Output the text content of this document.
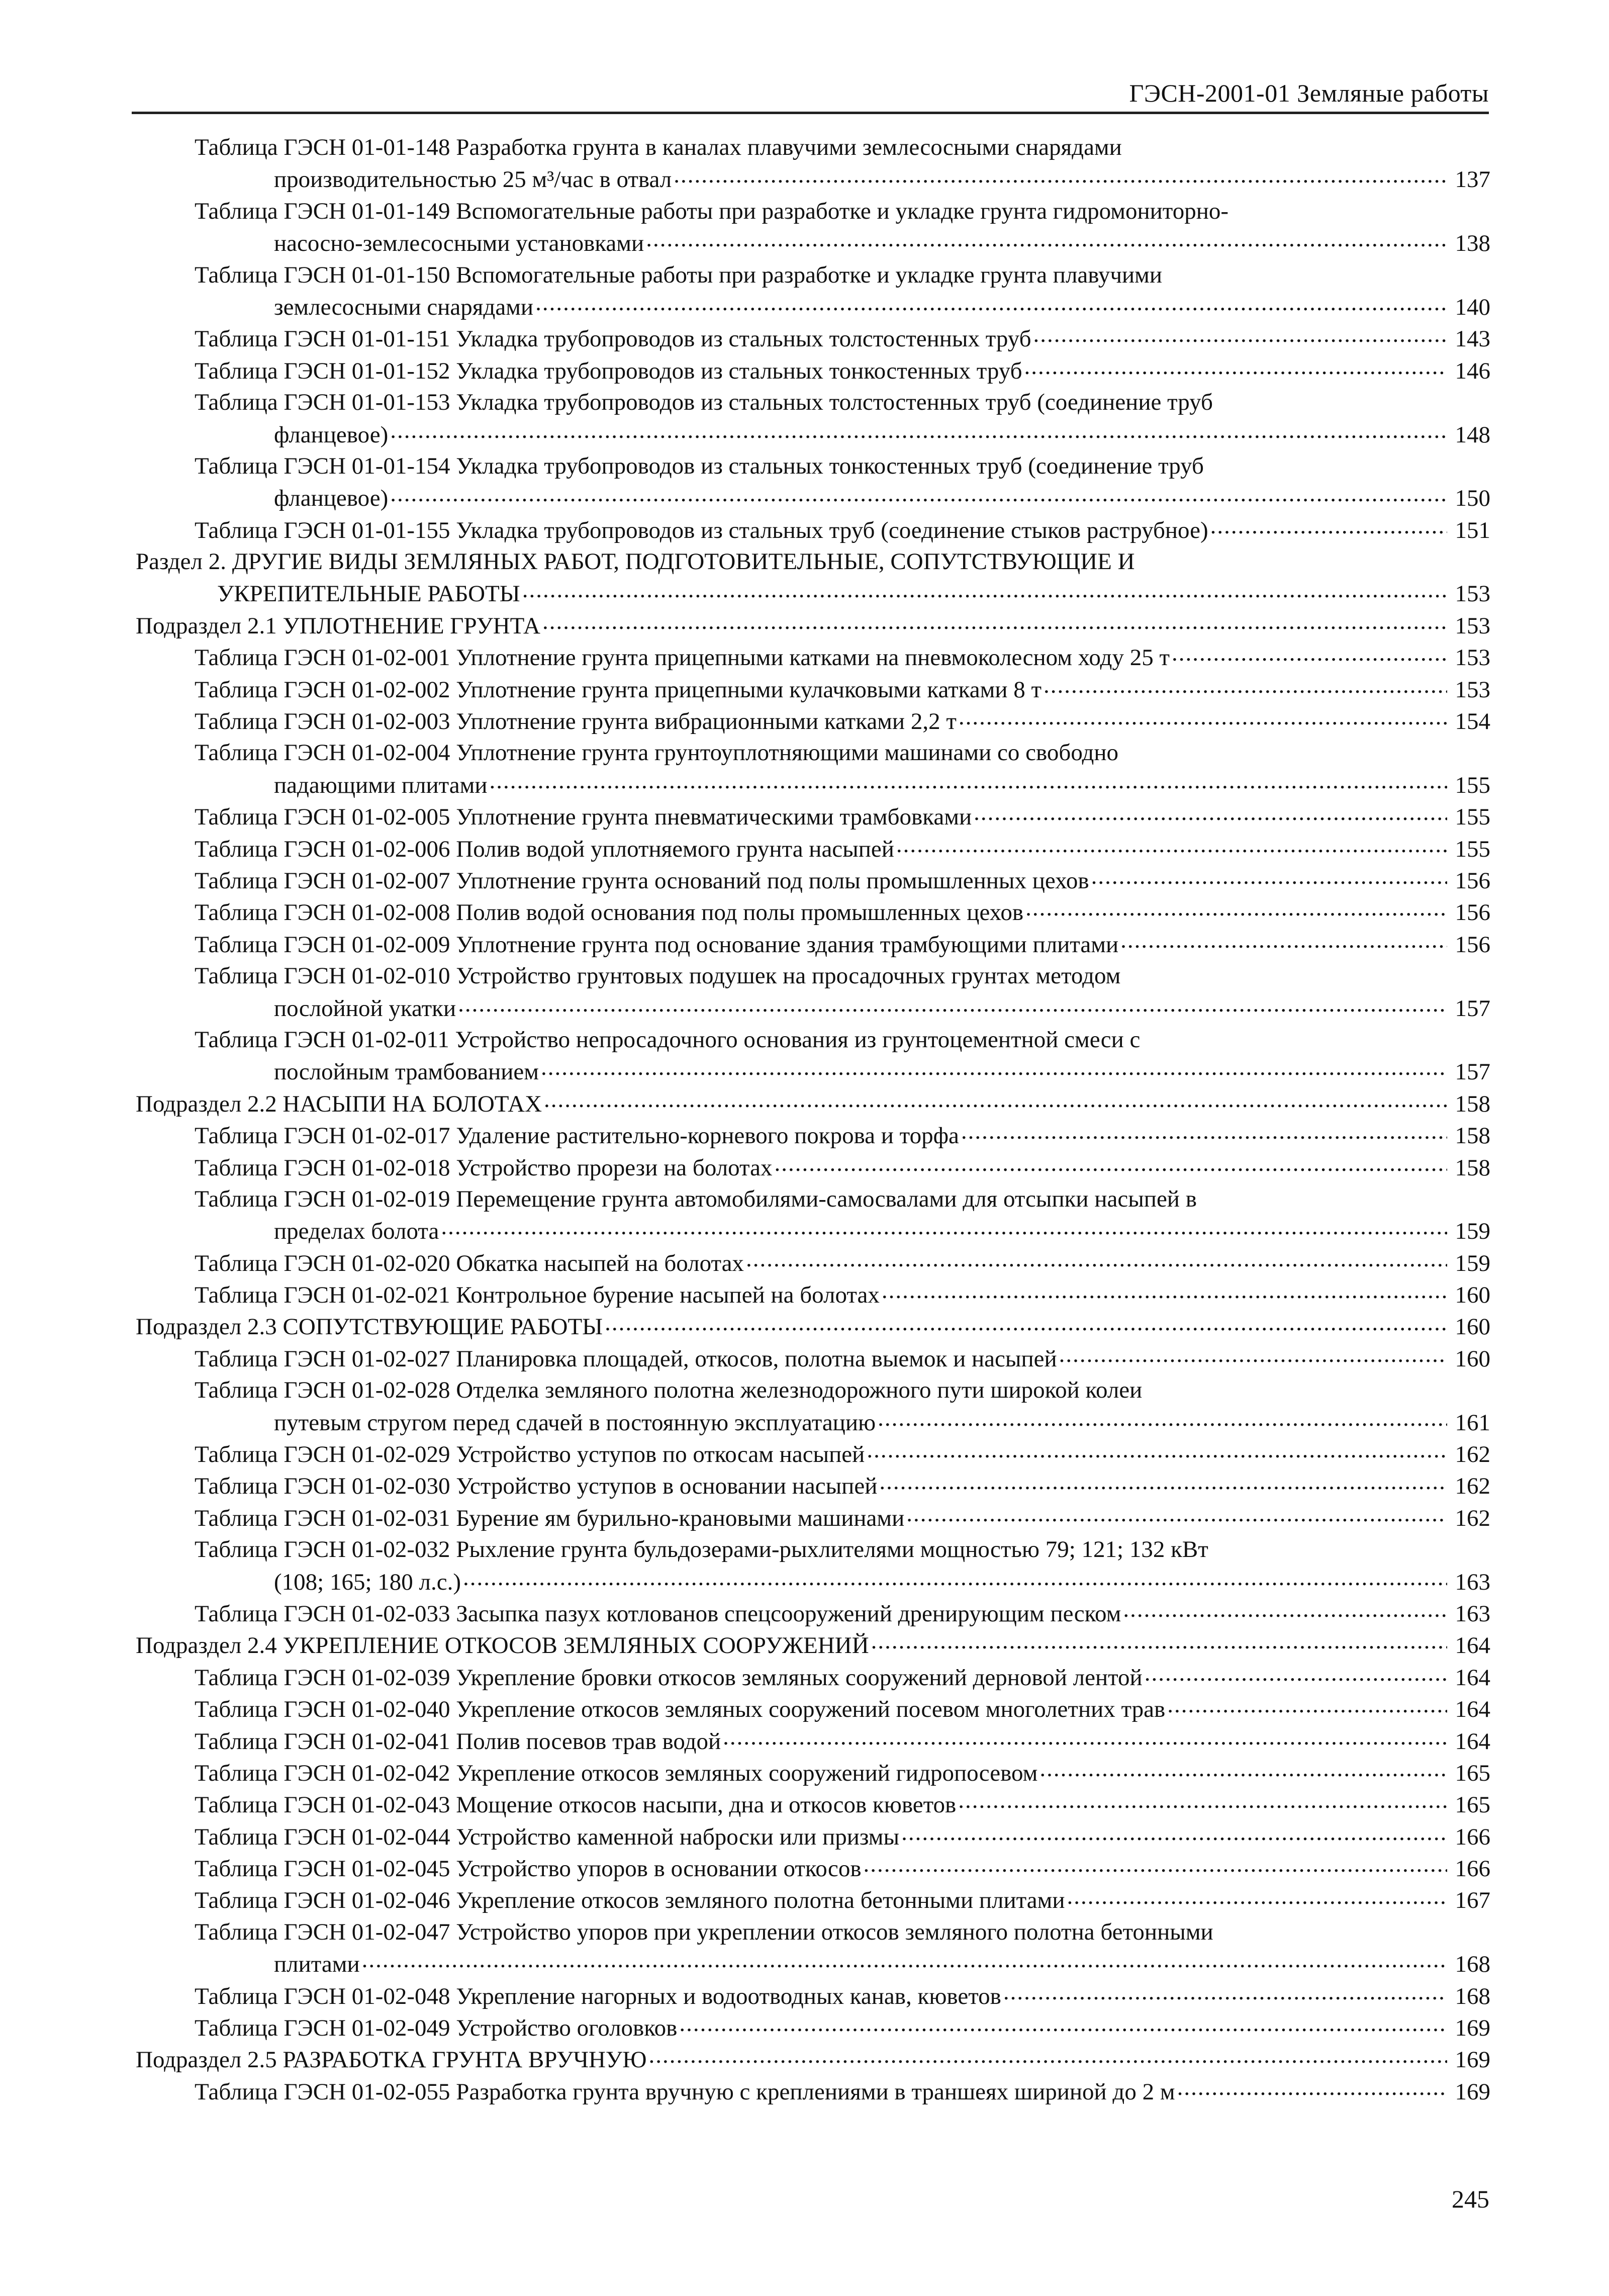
ГЭСН-2001-01 Земляные работы
Таблица ГЭСН 01-01-148 Разработка грунта в каналах плавучими землесосными снарядами
производительностью 25 м³/час в отвал .....	137
Таблица ГЭСН 01-01-149 Вспомогательные работы при разработке и укладке грунта гидромониторно-
насосно-землесосными установками .....	138
Таблица ГЭСН 01-01-150 Вспомогательные работы при разработке и укладке грунта плавучими
землесосными снарядами .....	140
Таблица ГЭСН 01-01-151 Укладка трубопроводов из стальных толстостенных труб .....	143
Таблица ГЭСН 01-01-152 Укладка трубопроводов из стальных тонкостенных труб .....	146
Таблица ГЭСН 01-01-153 Укладка трубопроводов из стальных толстостенных труб (соединение труб
фланцевое) .....	148
Таблица ГЭСН 01-01-154 Укладка трубопроводов из стальных тонкостенных труб (соединение труб
фланцевое) .....	150
Таблица ГЭСН 01-01-155 Укладка трубопроводов из стальных труб (соединение стыков раструбное) .....	151
Раздел 2. ДРУГИЕ ВИДЫ ЗЕМЛЯНЫХ РАБОТ, ПОДГОТОВИТЕЛЬНЫЕ, СОПУТСТВУЮЩИЕ И
УКРЕПИТЕЛЬНЫЕ РАБОТЫ .....	153
Подраздел 2.1 УПЛОТНЕНИЕ ГРУНТА .....	153
Таблица ГЭСН 01-02-001 Уплотнение грунта прицепными катками на пневмоколесном ходу 25 т .....	153
Таблица ГЭСН 01-02-002 Уплотнение грунта прицепными кулачковыми катками 8 т .....	153
Таблица ГЭСН 01-02-003 Уплотнение грунта вибрационными катками 2,2 т .....	154
Таблица ГЭСН 01-02-004 Уплотнение грунта грунтоуплотняющими машинами со свободно
падающими плитами .....	155
Таблица ГЭСН 01-02-005 Уплотнение грунта пневматическими трамбовками .....	155
Таблица ГЭСН 01-02-006 Полив водой уплотняемого грунта насыпей .....	155
Таблица ГЭСН 01-02-007 Уплотнение грунта оснований под полы промышленных цехов .....	156
Таблица ГЭСН 01-02-008 Полив водой основания под полы промышленных цехов .....	156
Таблица ГЭСН 01-02-009 Уплотнение грунта под основание здания трамбующими плитами .....	156
Таблица ГЭСН 01-02-010 Устройство грунтовых подушек на просадочных грунтах методом
послойной укатки .....	157
Таблица ГЭСН 01-02-011 Устройство непросадочного основания из грунтоцементной смеси с
послойным трамбованием .....	157
Подраздел 2.2 НАСЫПИ НА БОЛОТАХ .....	158
Таблица ГЭСН 01-02-017 Удаление растительно-корневого покрова и торфа .....	158
Таблица ГЭСН 01-02-018 Устройство прорези на болотах .....	158
Таблица ГЭСН 01-02-019 Перемещение грунта автомобилями-самосвалами для отсыпки насыпей в
пределах болота .....	159
Таблица ГЭСН 01-02-020 Обкатка насыпей на болотах .....	159
Таблица ГЭСН 01-02-021 Контрольное бурение насыпей на болотах .....	160
Подраздел 2.3 СОПУТСТВУЮЩИЕ РАБОТЫ .....	160
Таблица ГЭСН 01-02-027 Планировка площадей, откосов, полотна выемок и насыпей .....	160
Таблица ГЭСН 01-02-028 Отделка земляного полотна железнодорожного пути широкой колеи
путевым стругом перед сдачей в постоянную эксплуатацию .....	161
Таблица ГЭСН 01-02-029 Устройство уступов по откосам насыпей .....	162
Таблица ГЭСН 01-02-030 Устройство уступов в основании насыпей .....	162
Таблица ГЭСН 01-02-031 Бурение ям бурильно-крановыми машинами .....	162
Таблица ГЭСН 01-02-032 Рыхление грунта бульдозерами-рыхлителями мощностью 79; 121; 132 кВт
(108; 165; 180 л.с.) .....	163
Таблица ГЭСН 01-02-033 Засыпка пазух котлованов спецсооружений дренирующим песком .....	163
Подраздел 2.4 УКРЕПЛЕНИЕ ОТКОСОВ ЗЕМЛЯНЫХ СООРУЖЕНИЙ .....	164
Таблица ГЭСН 01-02-039 Укрепление бровки откосов земляных сооружений дерновой лентой .....	164
Таблица ГЭСН 01-02-040 Укрепление откосов земляных сооружений посевом многолетних трав .....	164
Таблица ГЭСН 01-02-041 Полив посевов трав водой .....	164
Таблица ГЭСН 01-02-042 Укрепление откосов земляных сооружений гидропосевом .....	165
Таблица ГЭСН 01-02-043 Мощение откосов насыпи, дна и откосов кюветов .....	165
Таблица ГЭСН 01-02-044 Устройство каменной наброски или призмы .....	166
Таблица ГЭСН 01-02-045 Устройство упоров в основании откосов .....	166
Таблица ГЭСН 01-02-046 Укрепление откосов земляного полотна бетонными плитами .....	167
Таблица ГЭСН 01-02-047 Устройство упоров при укреплении откосов земляного полотна бетонными
плитами .....	168
Таблица ГЭСН 01-02-048 Укрепление нагорных и водоотводных канав, кюветов .....	168
Таблица ГЭСН 01-02-049 Устройство оголовков .....	169
Подраздел 2.5 РАЗРАБОТКА ГРУНТА ВРУЧНУЮ .....	169
Таблица ГЭСН 01-02-055 Разработка грунта вручную с креплениями в траншеях шириной до 2 м .....	169
245
